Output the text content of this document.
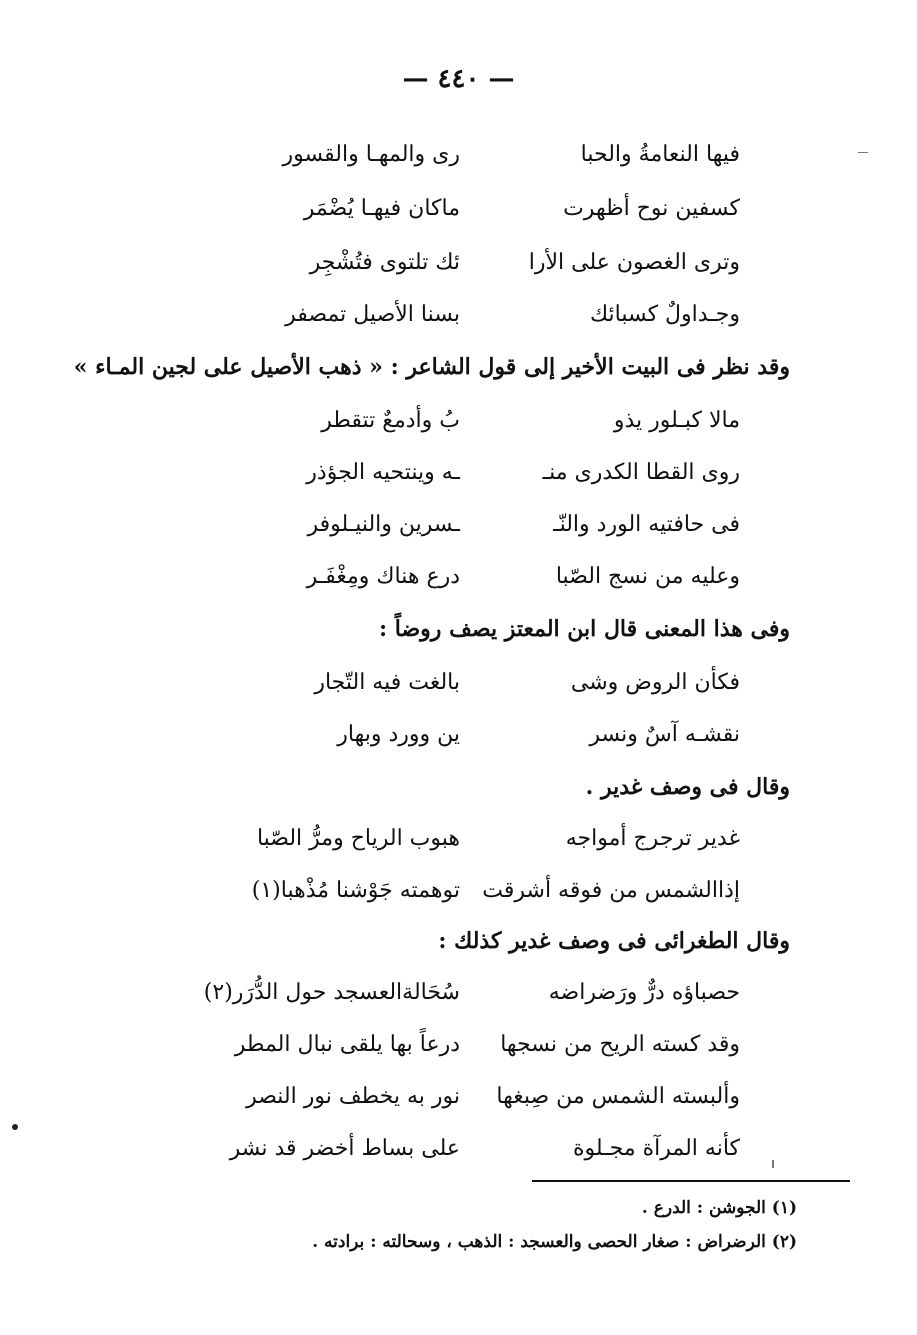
— ٤٤٠ —
فيها النعامةُ والحبا
رى والمهـا والقسور
كسفين نوح أظهرت
ماكان فيهـا يُضْمَر
وترى الغصون على الأرا
ئك تلتوى فتُشْجِر
وجـداولٌ كسبائك
بسنا الأصيل تمصفر
وقد نظر فى البيت الأخير إلى قول الشاعر : « ذهب الأصيل على لجين المـاء »
مالا كبـلور يذو
بُ وأدمعٌ تتقطر
روى القطا الكدرى منـ
ـه وينتحيه الجؤذر
فى حافتيه الورد والنّـ
ـسرين والنيـلوفر
وعليه من نسج الصّبا
درع هناك ومِغْفَـر
وفى هذا المعنى قال ابن المعتز يصف روضاً :
فكأن الروض وشى
بالغت فيه التّجار
نقشـه آسٌ ونسر
ين وورد وبهار
وقال فى وصف غدير .
غدير ترجرج أمواجه
هبوب الرياح ومرُّ الصّبا
إذاالشمس من فوقه أشرقت
توهمته جَوْشنا مُذْهبا(١)
وقال الطغرائى فى وصف غدير كذلك :
حصباؤه درٌّ ورَضراضه
سُحَالةالعسجد حول الدُّرَر(٢)
وقد كسته الريح من نسجها
درعاً بها يلقى نبال المطر
وألبسته الشمس من صِبغها
نور به يخطف نور النصر
كأنه المرآة مجـلوة
على بساط أخضر قد نشر
(١) الجوشن : الدرع .
(٢) الرضراض : صغار الحصى والعسجد : الذهب ، وسحالته : برادته .
